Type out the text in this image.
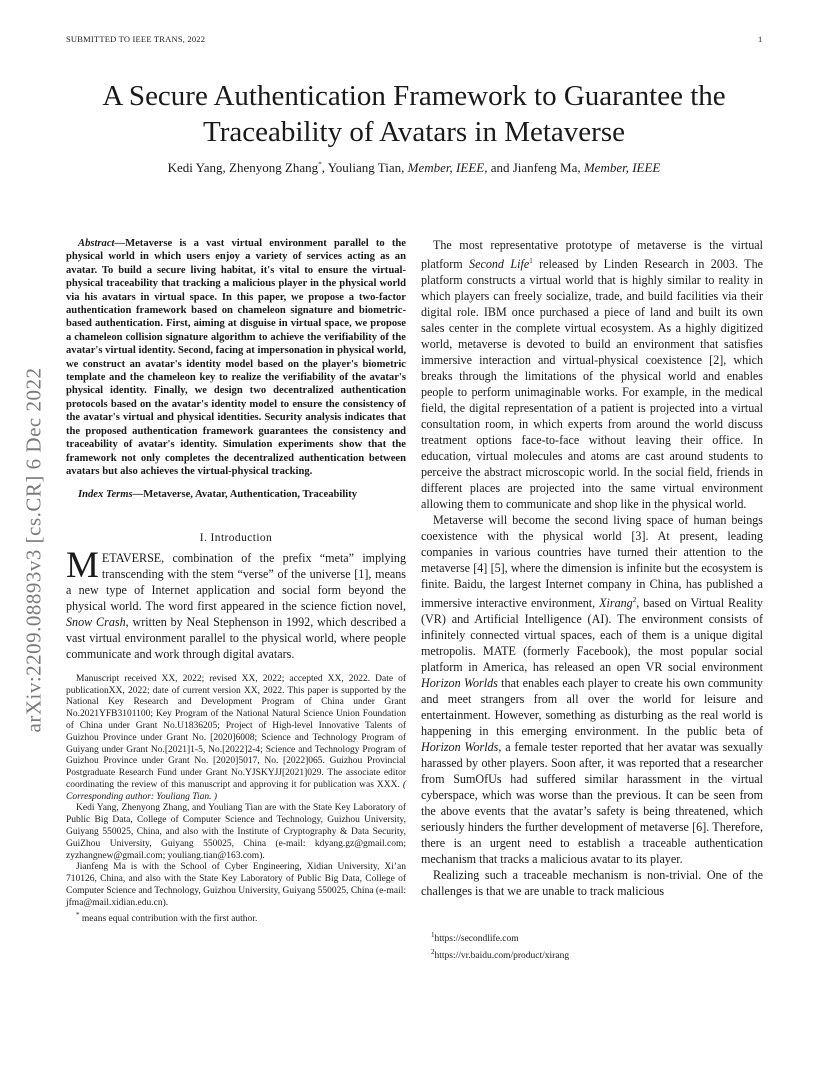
SUBMITTED TO IEEE TRANS, 2022	1
A Secure Authentication Framework to Guarantee the Traceability of Avatars in Metaverse
Kedi Yang, Zhenyong Zhang*, Youliang Tian, Member, IEEE, and Jianfeng Ma, Member, IEEE
arXiv:2209.08893v3 [cs.CR] 6 Dec 2022

Abstract—Metaverse is a vast virtual environment parallel to the physical world in which users enjoy a variety of services acting as an avatar. To build a secure living habitat, it's vital to ensure the virtual-physical traceability that tracking a malicious player in the physical world via his avatars in virtual space. In this paper, we propose a two-factor authentication framework based on chameleon signature and biometric-based authentication. First, aiming at disguise in virtual space, we propose a chameleon collision signature algorithm to achieve the verifiability of the avatar's virtual identity. Second, facing at impersonation in physical world, we construct an avatar's identity model based on the player's biometric template and the chameleon key to realize the verifiability of the avatar's physical identity. Finally, we design two decentralized authentication protocols based on the avatar's identity model to ensure the consistency of the avatar's virtual and physical identities. Security analysis indicates that the proposed authentication framework guarantees the consistency and traceability of avatar's identity. Simulation experiments show that the framework not only completes the decentralized authentication between avatars but also achieves the virtual-physical tracking.

Index Terms—Metaverse, Avatar, Authentication, Traceability

I. Introduction

METAVERSE, combination of the prefix “meta” implying transcending with the stem “verse” of the universe [1], means a new type of Internet application and social form beyond the physical world. The word first appeared in the science fiction novel, Snow Crash, written by Neal Stephenson in 1992, which described a vast virtual environment parallel to the physical world, where people communicate and work through digital avatars.

Manuscript received XX, 2022; revised XX, 2022; accepted XX, 2022. Date of publicationXX, 2022; date of current version XX, 2022. This paper is supported by the National Key Research and Development Program of China under Grant No.2021YFB3101100; Key Program of the National Natural Science Union Foundation of China under Grant No.U1836205; Project of High-level Innovative Talents of Guizhou Province under Grant No. [2020]6008; Science and Technology Program of Guiyang under Grant No.[2021]1-5, No.[2022]2-4; Science and Technology Program of Guizhou Province under Grant No. [2020]5017, No. [2022]065. Guizhou Provincial Postgraduate Research Fund under Grant No.YJSKYJJ[2021]029. The associate editor coordinating the review of this manuscript and approving it for publication was XXX. ( Corresponding author: Youliang Tian. )

Kedi Yang, Zhenyong Zhang, and Youliang Tian are with the State Key Laboratory of Public Big Data, College of Computer Science and Technology, Guizhou University, Guiyang 550025, China, and also with the Institute of Cryptography & Data Security, GuiZhou University, Guiyang 550025, China (e-mail: kdyang.gz@gmail.com; zyzhangnew@gmail.com; youliang.tian@163.com).

Jianfeng Ma is with the School of Cyber Engineering, Xidian University, Xi’an 710126, China, and also with the State Key Laboratory of Public Big Data, College of Computer Science and Technology, Guizhou University, Guiyang 550025, China (e-mail: jfma@mail.xidian.edu.cn).

* means equal contribution with the first author.

The most representative prototype of metaverse is the virtual platform Second Life$^1$ released by Linden Research in 2003. The platform constructs a virtual world that is highly similar to reality in which players can freely socialize, trade, and build facilities via their digital role. IBM once purchased a piece of land and built its own sales center in the complete virtual ecosystem. As a highly digitized world, metaverse is devoted to build an environment that satisfies immersive interaction and virtual-physical coexistence [2], which breaks through the limitations of the physical world and enables people to perform unimaginable works. For example, in the medical field, the digital representation of a patient is projected into a virtual consultation room, in which experts from around the world discuss treatment options face-to-face without leaving their office. In education, virtual molecules and atoms are cast around students to perceive the abstract microscopic world. In the social field, friends in different places are projected into the same virtual environment allowing them to communicate and shop like in the physical world.

Metaverse will become the second living space of human beings coexistence with the physical world [3]. At present, leading companies in various countries have turned their attention to the metaverse [4] [5], where the dimension is infinite but the ecosystem is finite. Baidu, the largest Internet company in China, has published a immersive interactive environment, Xirang$^2$, based on Virtual Reality (VR) and Artificial Intelligence (AI). The environment consists of infinitely connected virtual spaces, each of them is a unique digital metropolis. MATE (formerly Facebook), the most popular social platform in America, has released an open VR social environment Horizon Worlds that enables each player to create his own community and meet strangers from all over the world for leisure and entertainment. However, something as disturbing as the real world is happening in this emerging environment. In the public beta of Horizon Worlds, a female tester reported that her avatar was sexually harassed by other players. Soon after, it was reported that a researcher from SumOfUs had suffered similar harassment in the virtual cyberspace, which was worse than the previous. It can be seen from the above events that the avatar’s safety is being threatened, which seriously hinders the further development of metaverse [6]. Therefore, there is an urgent need to establish a traceable authentication mechanism that tracks a malicious avatar to its player.

Realizing such a traceable mechanism is non-trivial. One of the challenges is that we are unable to track malicious

$^1$https://secondlife.com

$^2$https://vr.baidu.com/product/xirang
